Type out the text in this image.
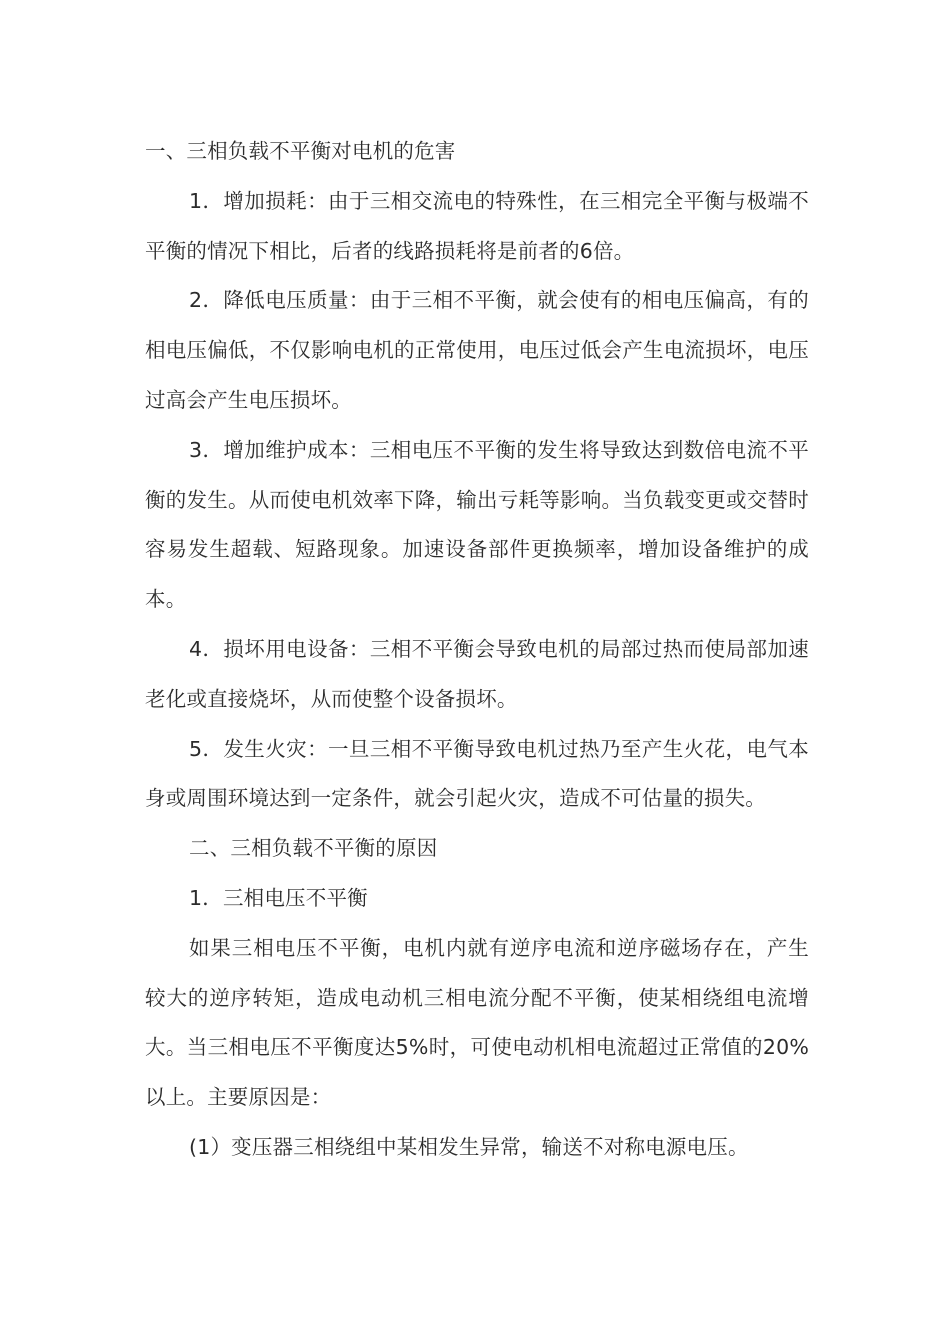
一、三相负载不平衡对电机的危害

1．增加损耗：由于三相交流电的特殊性，在三相完全平衡与极端不平衡的情况下相比，后者的线路损耗将是前者的6倍。

2．降低电压质量：由于三相不平衡，就会使有的相电压偏高，有的相电压偏低，不仅影响电机的正常使用，电压过低会产生电流损坏，电压过高会产生电压损坏。

3．增加维护成本：三相电压不平衡的发生将导致达到数倍电流不平衡的发生。从而使电机效率下降，输出亏耗等影响。当负载变更或交替时容易发生超载、短路现象。加速设备部件更换频率，增加设备维护的成本。

4．损坏用电设备：三相不平衡会导致电机的局部过热而使局部加速老化或直接烧坏，从而使整个设备损坏。

5．发生火灾：一旦三相不平衡导致电机过热乃至产生火花，电气本身或周围环境达到一定条件，就会引起火灾，造成不可估量的损失。

二、三相负载不平衡的原因

1．三相电压不平衡

如果三相电压不平衡，电机内就有逆序电流和逆序磁场存在，产生较大的逆序转矩，造成电动机三相电流分配不平衡，使某相绕组电流增大。当三相电压不平衡度达5%时，可使电动机相电流超过正常值的20%以上。主要原因是：

(1）变压器三相绕组中某相发生异常，输送不对称电源电压。
